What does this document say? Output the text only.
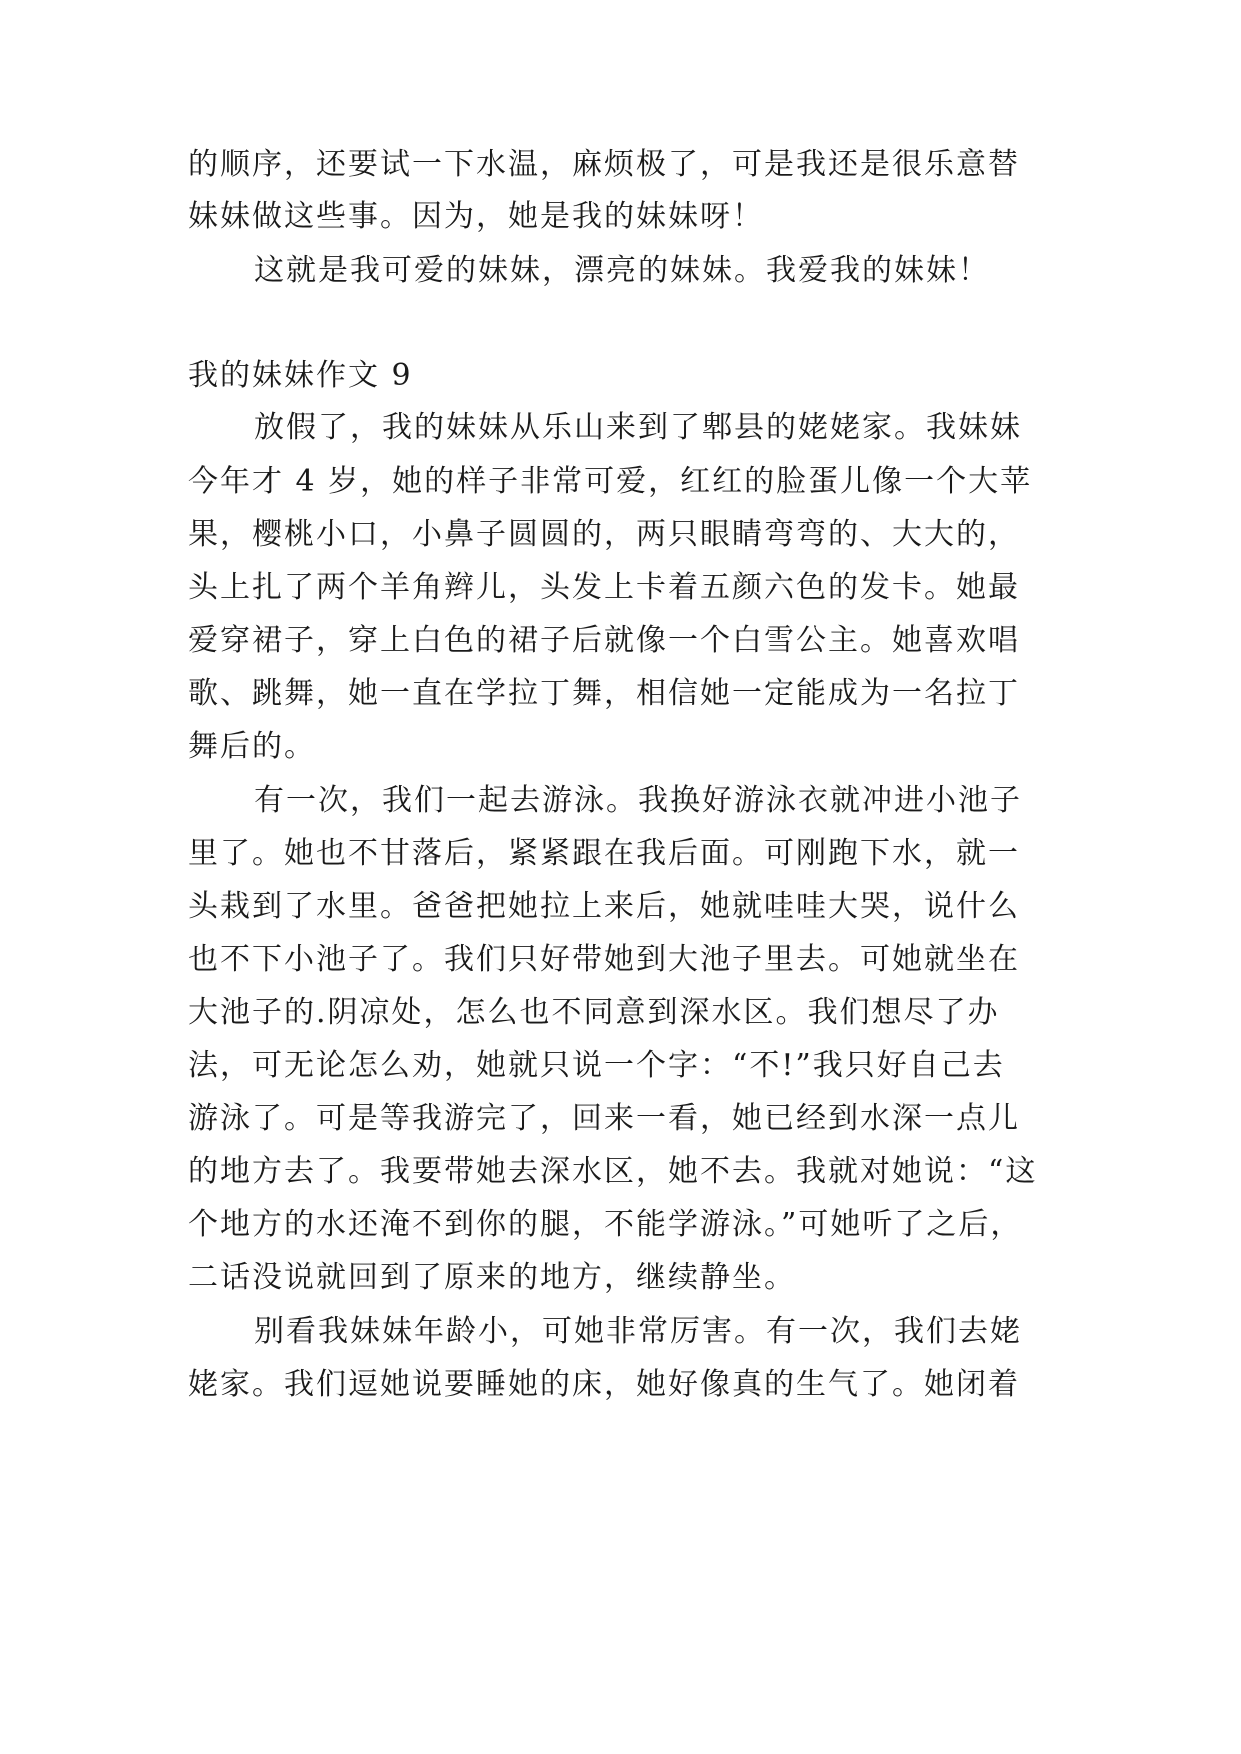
的顺序，还要试一下水温，麻烦极了，可是我还是很乐意替
妹妹做这些事。因为，她是我的妹妹呀！
这就是我可爱的妹妹，漂亮的妹妹。我爱我的妹妹！
我的妹妹作文 9
放假了，我的妹妹从乐山来到了郫县的姥姥家。我妹妹
今年才 4 岁，她的样子非常可爱，红红的脸蛋儿像一个大苹
果，樱桃小口，小鼻子圆圆的，两只眼睛弯弯的、大大的，
头上扎了两个羊角辫儿，头发上卡着五颜六色的发卡。她最
爱穿裙子，穿上白色的裙子后就像一个白雪公主。她喜欢唱
歌、跳舞，她一直在学拉丁舞，相信她一定能成为一名拉丁
舞后的。
有一次，我们一起去游泳。我换好游泳衣就冲进小池子
里了。她也不甘落后，紧紧跟在我后面。可刚跑下水，就一
头栽到了水里。爸爸把她拉上来后，她就哇哇大哭，说什么
也不下小池子了。我们只好带她到大池子里去。可她就坐在
大池子的.阴凉处，怎么也不同意到深水区。我们想尽了办
法，可无论怎么劝，她就只说一个字：“不!”我只好自己去
游泳了。可是等我游完了，回来一看，她已经到水深一点儿
的地方去了。我要带她去深水区，她不去。我就对她说：“这
个地方的水还淹不到你的腿，不能学游泳。”可她听了之后，
二话没说就回到了原来的地方，继续静坐。
别看我妹妹年龄小，可她非常厉害。有一次，我们去姥
姥家。我们逗她说要睡她的床，她好像真的生气了。她闭着
